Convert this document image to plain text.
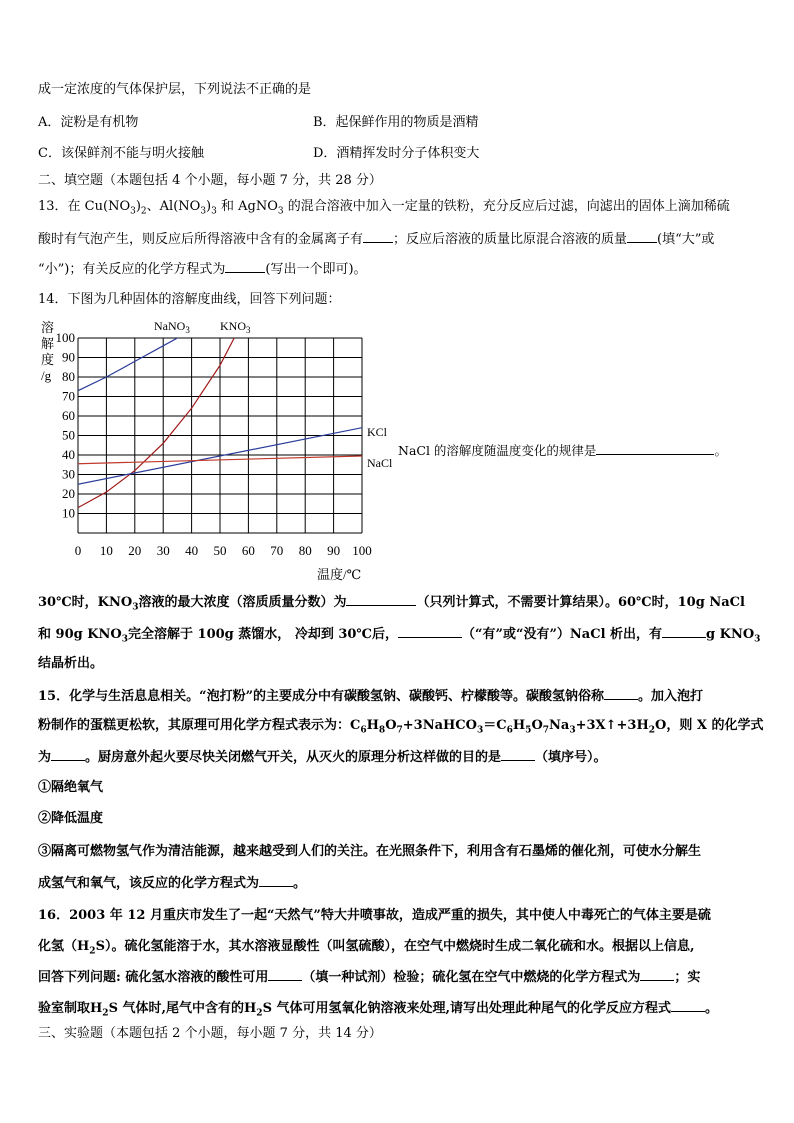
成一定浓度的气体保护层，下列说法不正确的是
A．淀粉是有机物	B．起保鲜作用的物质是酒精
C．该保鲜剂不能与明火接触	D．酒精挥发时分子体积变大
二、填空题（本题包括 4 个小题，每小题 7 分，共 28 分）
13．在 $Cu(NO_3)_2$、$Al(NO_3)_3$ 和 AgNO$_3$ 的混合溶液中加入一定量的铁粉，充分反应后过滤，向滤出的固体上滴加稀硫
酸时有气泡产生，则反应后所得溶液中含有的金属离子有 ；反应后溶液的质量比原混合溶液的质量 (填“大”或
“小”)；有关反应的化学方程式为	(写出一个即可)。
14．下图为几种固体的溶解度曲线，回答下列问题：
0 10 20 30 40 50 60 70 80 90 100
10
20
30
40
50
60
70
80
90
100
溶
解
度
/g
温度/℃
NaNO$_3$	$KNO_3$
KCl
NaCl
NaCl 的溶解度随温度变化的规律是	。
30℃时，$KNO_3$溶液的最大浓度（溶质质量分数）为	（只列计算式，不需要计算结果）。60℃时，10g NaCl
和 90g $KNO_3$完全溶解于 100g 蒸馏水， 冷却到 30℃后，	（“有”或“没有”）NaCl 析出，有	g $KNO_3$
结晶析出。
15．化学与生活息息相关。“泡打粉”的主要成分中有碳酸氢钠、碳酸钙、柠檬酸等。碳酸氢钠俗称	。加入泡打
粉制作的蛋糕更松软，其原理可用化学方程式表示为：$C_6H_8O_7+3NaHCO_3=C_6H_5O_7Na_3+3X↑+3H_2O$，则 X 的化学式
为	。厨房意外起火要尽快关闭燃气开关，从灭火的原理分析这样做的目的是	（填序号）。
①隔绝氧气
②降低温度
③隔离可燃物氢气作为清洁能源，越来越受到人们的关注。在光照条件下，利用含有石墨烯的催化剂，可使水分解生
成氢气和氧气，该反应的化学方程式为	。
16．2003 年 12 月重庆市发生了一起“天然气”特大井喷事故，造成严重的损失，其中使人中毒死亡的气体主要是硫
化氢$(H_2S)$。硫化氢能溶于水，其水溶液显酸性（叫氢硫酸），在空气中燃烧时生成二氧化硫和水。根据以上信息,
回答下列问题: 硫化氢水溶液的酸性可用	（填一种试剂）检验；硫化氢在空气中燃烧的化学方程式为	；实
验室制取$H_2S$ 气体时,尾气中含有的$H_2S$ 气体可用氢氧化钠溶液来处理,请写出处理此种尾气的化学反应方程式	。
三、实验题（本题包括 2 个小题，每小题 7 分，共 14 分）
